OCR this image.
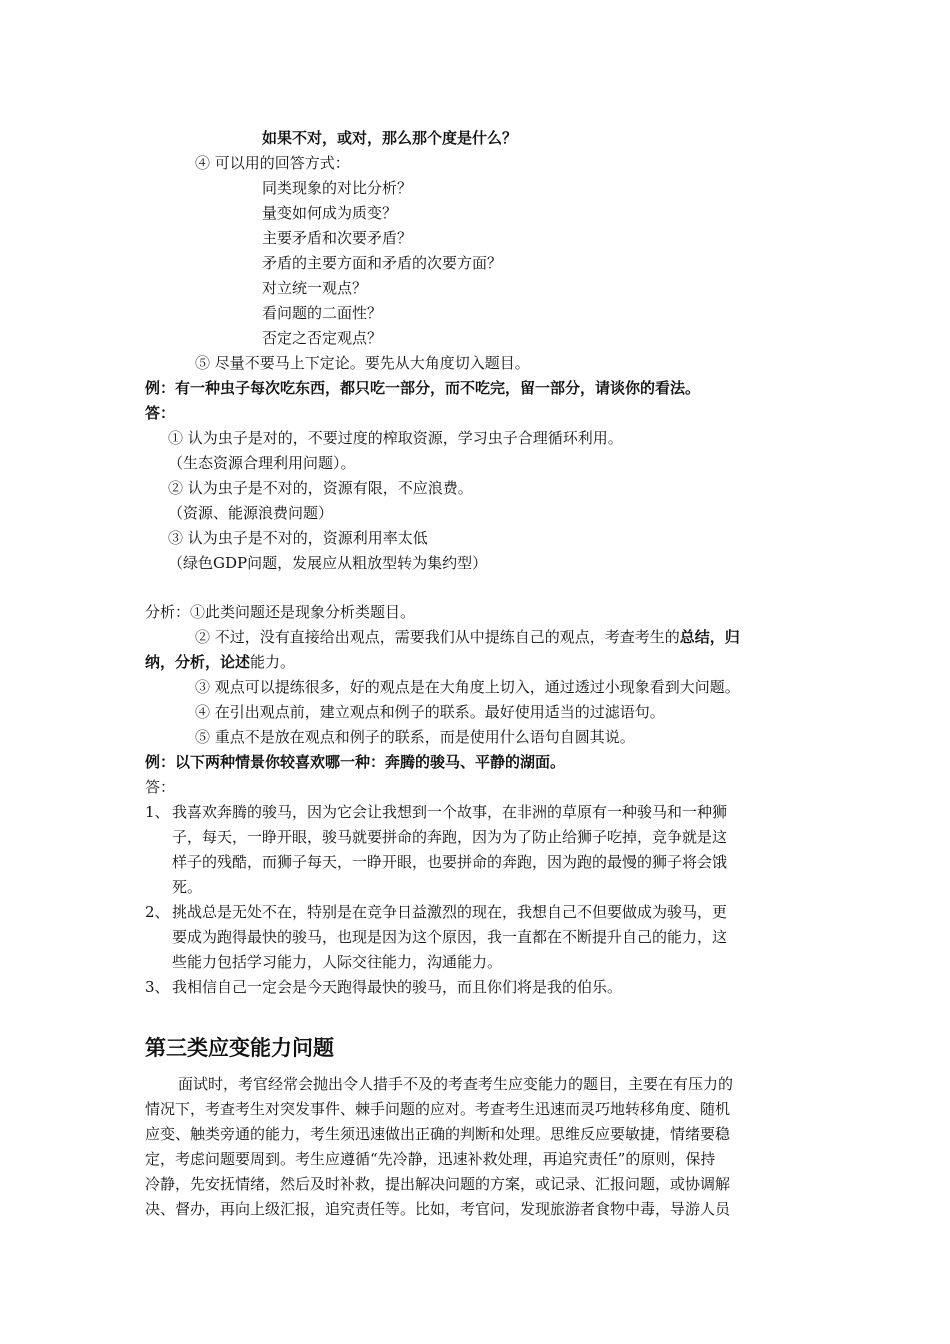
如果不对，或对，那么那个度是什么？
④ 可以用的回答方式：
同类现象的对比分析？
量变如何成为质变？
主要矛盾和次要矛盾？
矛盾的主要方面和矛盾的次要方面？
对立统一观点？
看问题的二面性？
否定之否定观点？
⑤ 尽量不要马上下定论。要先从大角度切入题目。
例：有一种虫子每次吃东西，都只吃一部分，而不吃完，留一部分，请谈你的看法。
答：
① 认为虫子是对的，不要过度的榨取资源，学习虫子合理循环利用。
（生态资源合理利用问题）。
② 认为虫子是不对的，资源有限，不应浪费。
（资源、能源浪费问题）
③ 认为虫子是不对的，资源利用率太低
（绿色GDP问题，发展应从粗放型转为集约型）
分析：①此类问题还是现象分析类题目。
② 不过，没有直接给出观点，需要我们从中提练自己的观点，考查考生的总结，归
纳，分析，论述能力。
③ 观点可以提练很多，好的观点是在大角度上切入，通过透过小现象看到大问题。
④ 在引出观点前，建立观点和例子的联系。最好使用适当的过滤语句。
⑤ 重点不是放在观点和例子的联系，而是使用什么语句自圆其说。
例：以下两种情景你较喜欢哪一种：奔腾的骏马、平静的湖面。
答：
1、 我喜欢奔腾的骏马，因为它会让我想到一个故事，在非洲的草原有一种骏马和一种狮
子，每天，一睁开眼，骏马就要拼命的奔跑，因为为了防止给狮子吃掉，竞争就是这
样子的残酷，而狮子每天，一睁开眼，也要拼命的奔跑，因为跑的最慢的狮子将会饿
死。
2、 挑战总是无处不在，特别是在竞争日益激烈的现在，我想自己不但要做成为骏马，更
要成为跑得最快的骏马，也现是因为这个原因，我一直都在不断提升自己的能力，这
些能力包括学习能力，人际交往能力，沟通能力。
3、 我相信自己一定会是今天跑得最快的骏马，而且你们将是我的伯乐。
第三类应变能力问题
面试时，考官经常会抛出令人措手不及的考查考生应变能力的题目，主要在有压力的
情况下，考查考生对突发事件、棘手问题的应对。考查考生迅速而灵巧地转移角度、随机
应变、触类旁通的能力，考生须迅速做出正确的判断和处理。思维反应要敏捷，情绪要稳
定，考虑问题要周到。考生应遵循“先冷静，迅速补救处理，再追究责任”的原则，保持
冷静，先安抚情绪，然后及时补救，提出解决问题的方案，或记录、汇报问题，或协调解
决、督办，再向上级汇报，追究责任等。比如，考官问，发现旅游者食物中毒，导游人员
